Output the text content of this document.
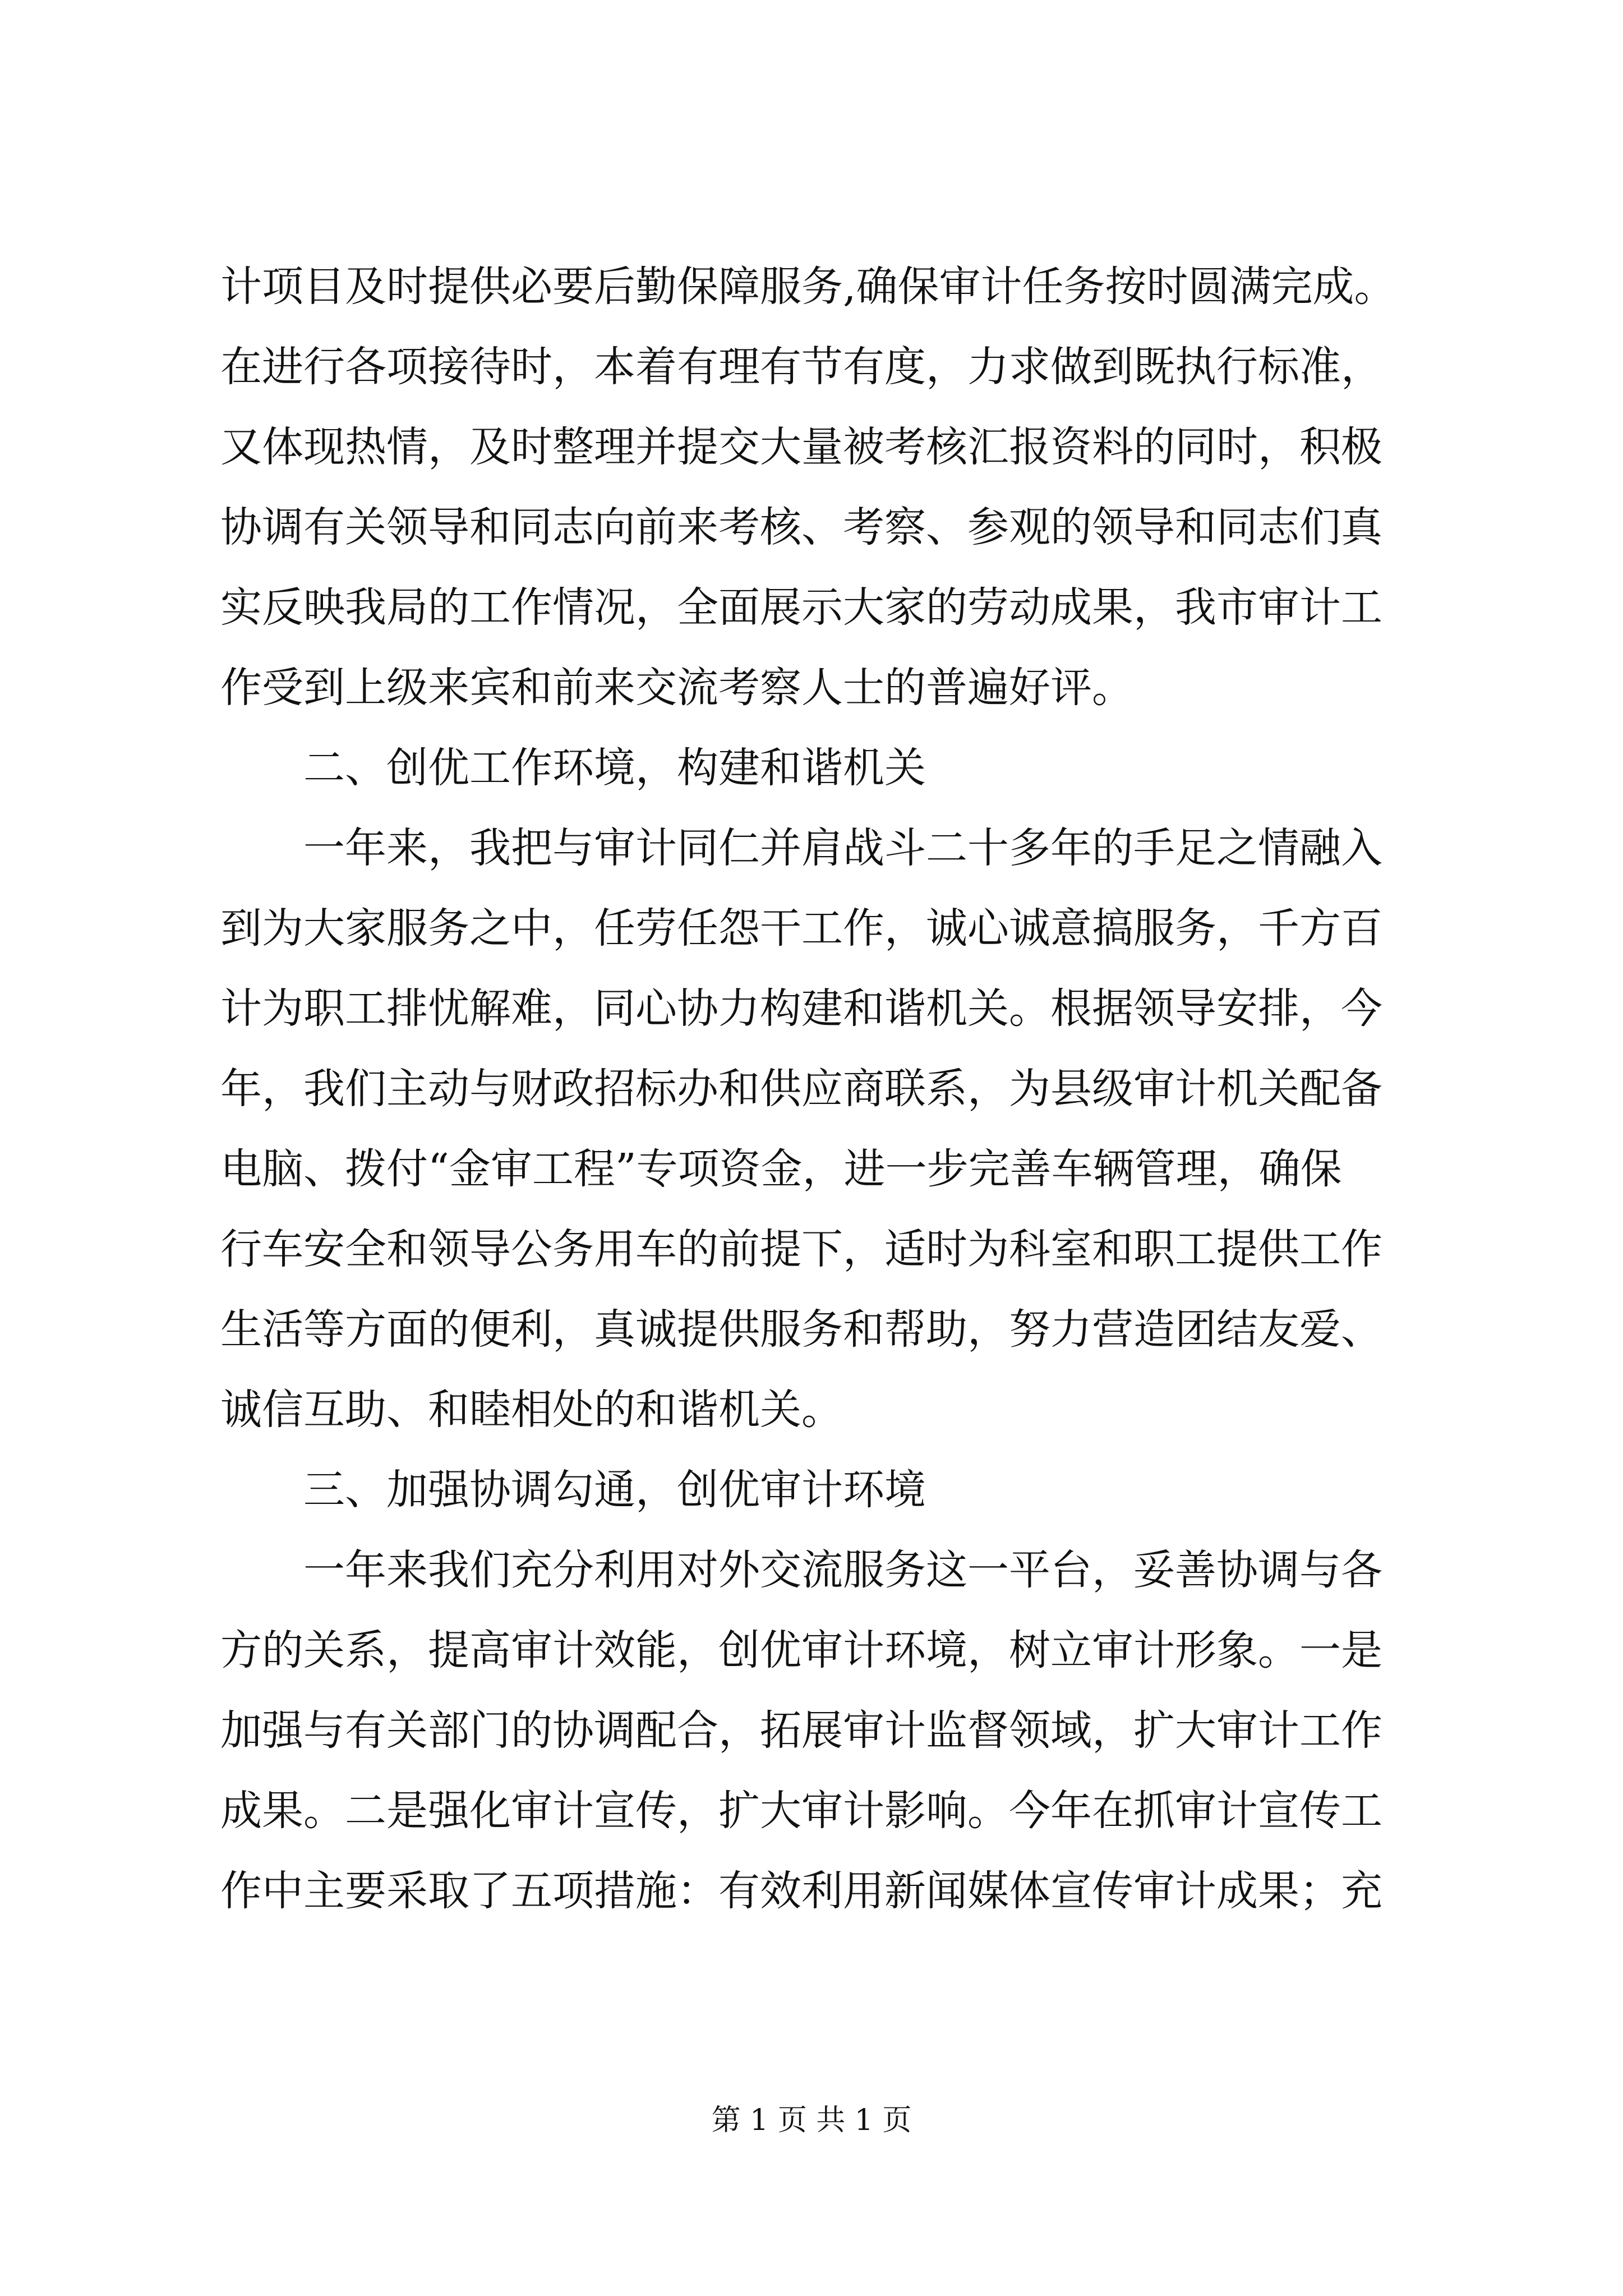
计项目及时提供必要后勤保障服务,确保审计任务按时圆满完成。
在进行各项接待时，本着有理有节有度，力求做到既执行标准，
又体现热情，及时整理并提交大量被考核汇报资料的同时，积极
协调有关领导和同志向前来考核、考察、参观的领导和同志们真
实反映我局的工作情况，全面展示大家的劳动成果，我市审计工
作受到上级来宾和前来交流考察人士的普遍好评。
二、创优工作环境，构建和谐机关
一年来，我把与审计同仁并肩战斗二十多年的手足之情融入
到为大家服务之中，任劳任怨干工作，诚心诚意搞服务，千方百
计为职工排忧解难，同心协力构建和谐机关。根据领导安排，今
年，我们主动与财政招标办和供应商联系，为县级审计机关配备
电脑、拨付“金审工程”专项资金，进一步完善车辆管理，确保
行车安全和领导公务用车的前提下，适时为科室和职工提供工作
生活等方面的便利，真诚提供服务和帮助，努力营造团结友爱、
诚信互助、和睦相处的和谐机关。
三、加强协调勾通，创优审计环境
一年来我们充分利用对外交流服务这一平台，妥善协调与各
方的关系，提高审计效能，创优审计环境，树立审计形象。一是
加强与有关部门的协调配合，拓展审计监督领域，扩大审计工作
成果。二是强化审计宣传，扩大审计影响。今年在抓审计宣传工
作中主要采取了五项措施：有效利用新闻媒体宣传审计成果；充
第 1 页 共 1 页
